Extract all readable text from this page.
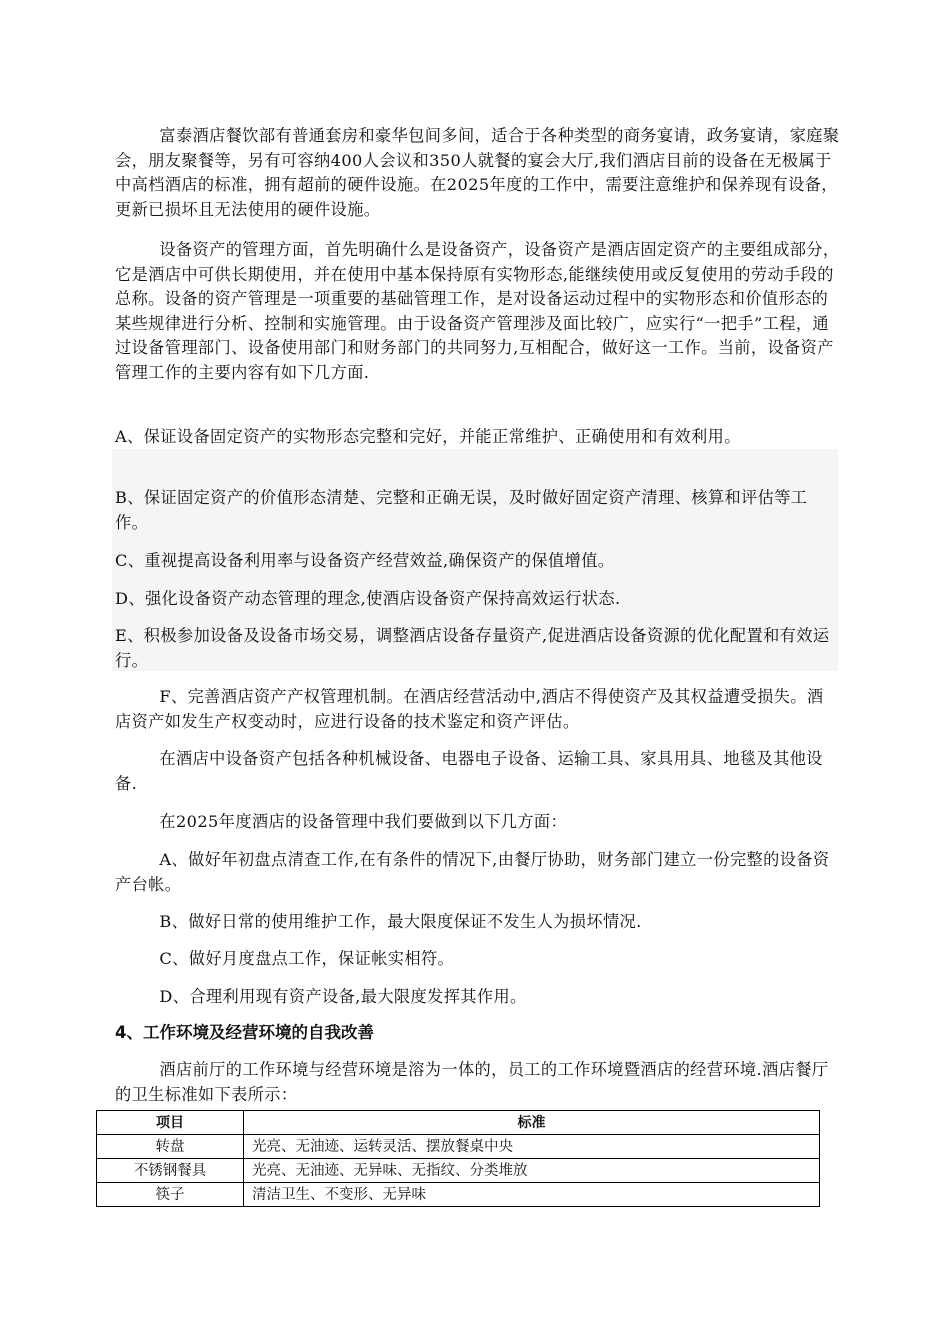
富泰酒店餐饮部有普通套房和豪华包间多间，适合于各种类型的商务宴请，政务宴请，家庭聚会，朋友聚餐等，另有可容纳400人会议和350人就餐的宴会大厅,我们酒店目前的设备在无极属于中高档酒店的标准，拥有超前的硬件设施。在2025年度的工作中，需要注意维护和保养现有设备，更新已损坏且无法使用的硬件设施。

设备资产的管理方面，首先明确什么是设备资产，设备资产是酒店固定资产的主要组成部分，它是酒店中可供长期使用，并在使用中基本保持原有实物形态,能继续使用或反复使用的劳动手段的总称。设备的资产管理是一项重要的基础管理工作，是对设备运动过程中的实物形态和价值形态的某些规律进行分析、控制和实施管理。由于设备资产管理涉及面比较广，应实行“一把手”工程，通过设备管理部门、设备使用部门和财务部门的共同努力,互相配合，做好这一工作。当前，设备资产管理工作的主要内容有如下几方面.

A、保证设备固定资产的实物形态完整和完好，并能正常维护、正确使用和有效利用。

B、保证固定资产的价值形态清楚、完整和正确无误，及时做好固定资产清理、核算和评估等工作。

C、重视提高设备利用率与设备资产经营效益,确保资产的保值增值。

D、强化设备资产动态管理的理念,使酒店设备资产保持高效运行状态.

E、积极参加设备及设备市场交易，调整酒店设备存量资产,促进酒店设备资源的优化配置和有效运行。

F、完善酒店资产产权管理机制。在酒店经营活动中,酒店不得使资产及其权益遭受损失。酒店资产如发生产权变动时，应进行设备的技术鉴定和资产评估。

在酒店中设备资产包括各种机械设备、电器电子设备、运输工具、家具用具、地毯及其他设备.

在2025年度酒店的设备管理中我们要做到以下几方面：

A、做好年初盘点清查工作,在有条件的情况下,由餐厅协助，财务部门建立一份完整的设备资产台帐。

B、做好日常的使用维护工作，最大限度保证不发生人为损坏情况.

C、做好月度盘点工作，保证帐实相符。

D、合理利用现有资产设备,最大限度发挥其作用。

4、工作环境及经营环境的自我改善

酒店前厅的工作环境与经营环境是溶为一体的，员工的工作环境暨酒店的经营环境.酒店餐厅的卫生标准如下表所示：

项目	标准
转盘	光亮、无油迹、运转灵活、摆放餐桌中央
不锈钢餐具	光亮、无油迹、无异味、无指纹、分类堆放
筷子	清洁卫生、不变形、无异味
